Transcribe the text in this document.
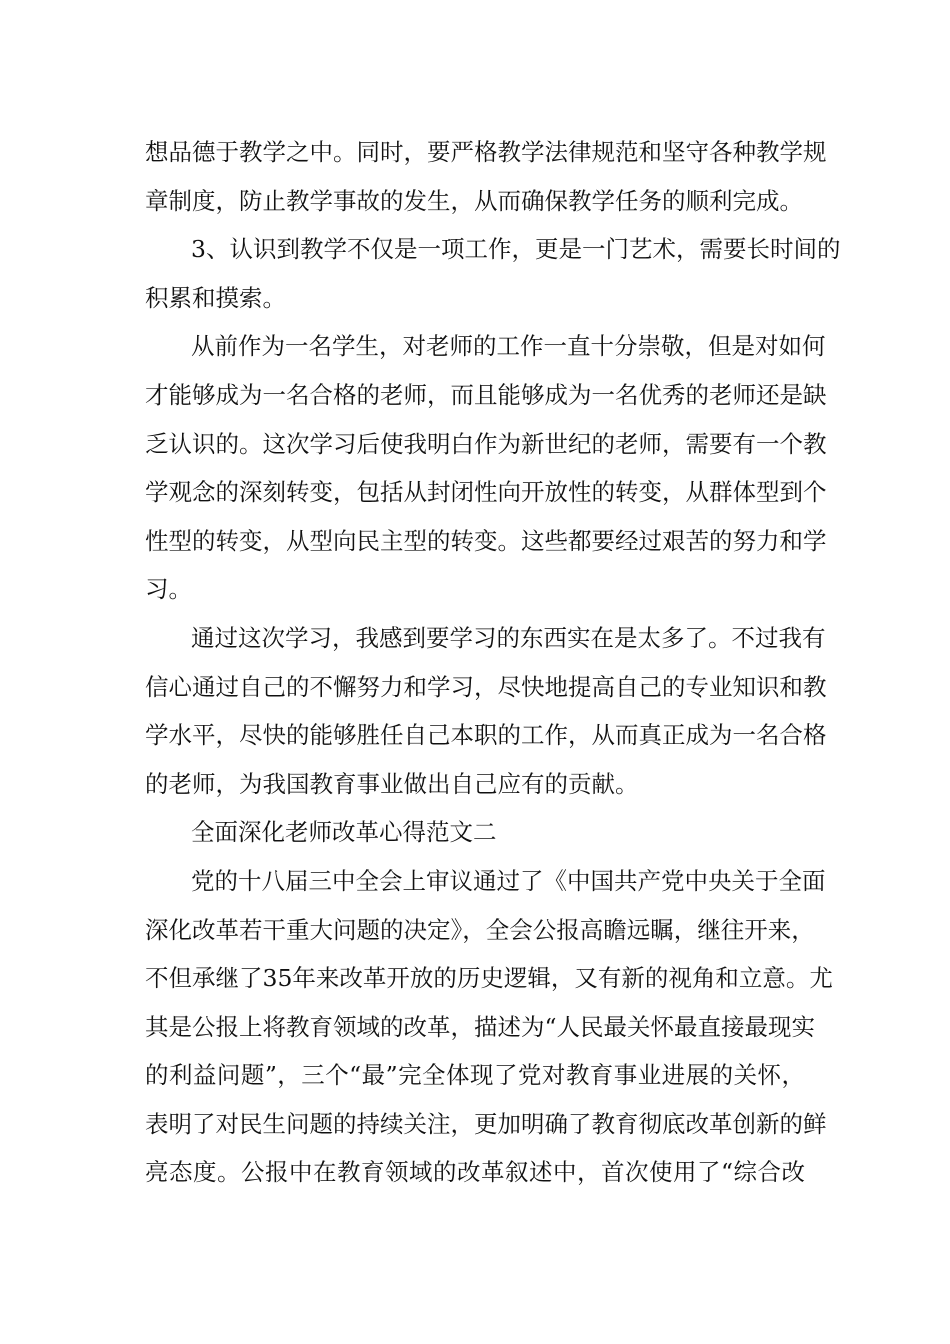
想品德于教学之中。同时，要严格教学法律规范和坚守各种教学规
章制度，防止教学事故的发生，从而确保教学任务的顺利完成。
3、认识到教学不仅是一项工作，更是一门艺术，需要长时间的
积累和摸索。
从前作为一名学生，对老师的工作一直十分崇敬，但是对如何
才能够成为一名合格的老师，而且能够成为一名优秀的老师还是缺
乏认识的。这次学习后使我明白作为新世纪的老师，需要有一个教
学观念的深刻转变，包括从封闭性向开放性的转变，从群体型到个
性型的转变，从型向民主型的转变。这些都要经过艰苦的努力和学
习。
通过这次学习，我感到要学习的东西实在是太多了。不过我有
信心通过自己的不懈努力和学习，尽快地提高自己的专业知识和教
学水平，尽快的能够胜任自己本职的工作，从而真正成为一名合格
的老师，为我国教育事业做出自己应有的贡献。
全面深化老师改革心得范文二
党的十八届三中全会上审议通过了《中国共产党中央关于全面
深化改革若干重大问题的决定》，全会公报高瞻远瞩，继往开来，
不但承继了35年来改革开放的历史逻辑，又有新的视角和立意。尤
其是公报上将教育领域的改革，描述为“人民最关怀最直接最现实
的利益问题”，三个“最”完全体现了党对教育事业进展的关怀，
表明了对民生问题的持续关注，更加明确了教育彻底改革创新的鲜
亮态度。公报中在教育领域的改革叙述中，首次使用了“综合改
